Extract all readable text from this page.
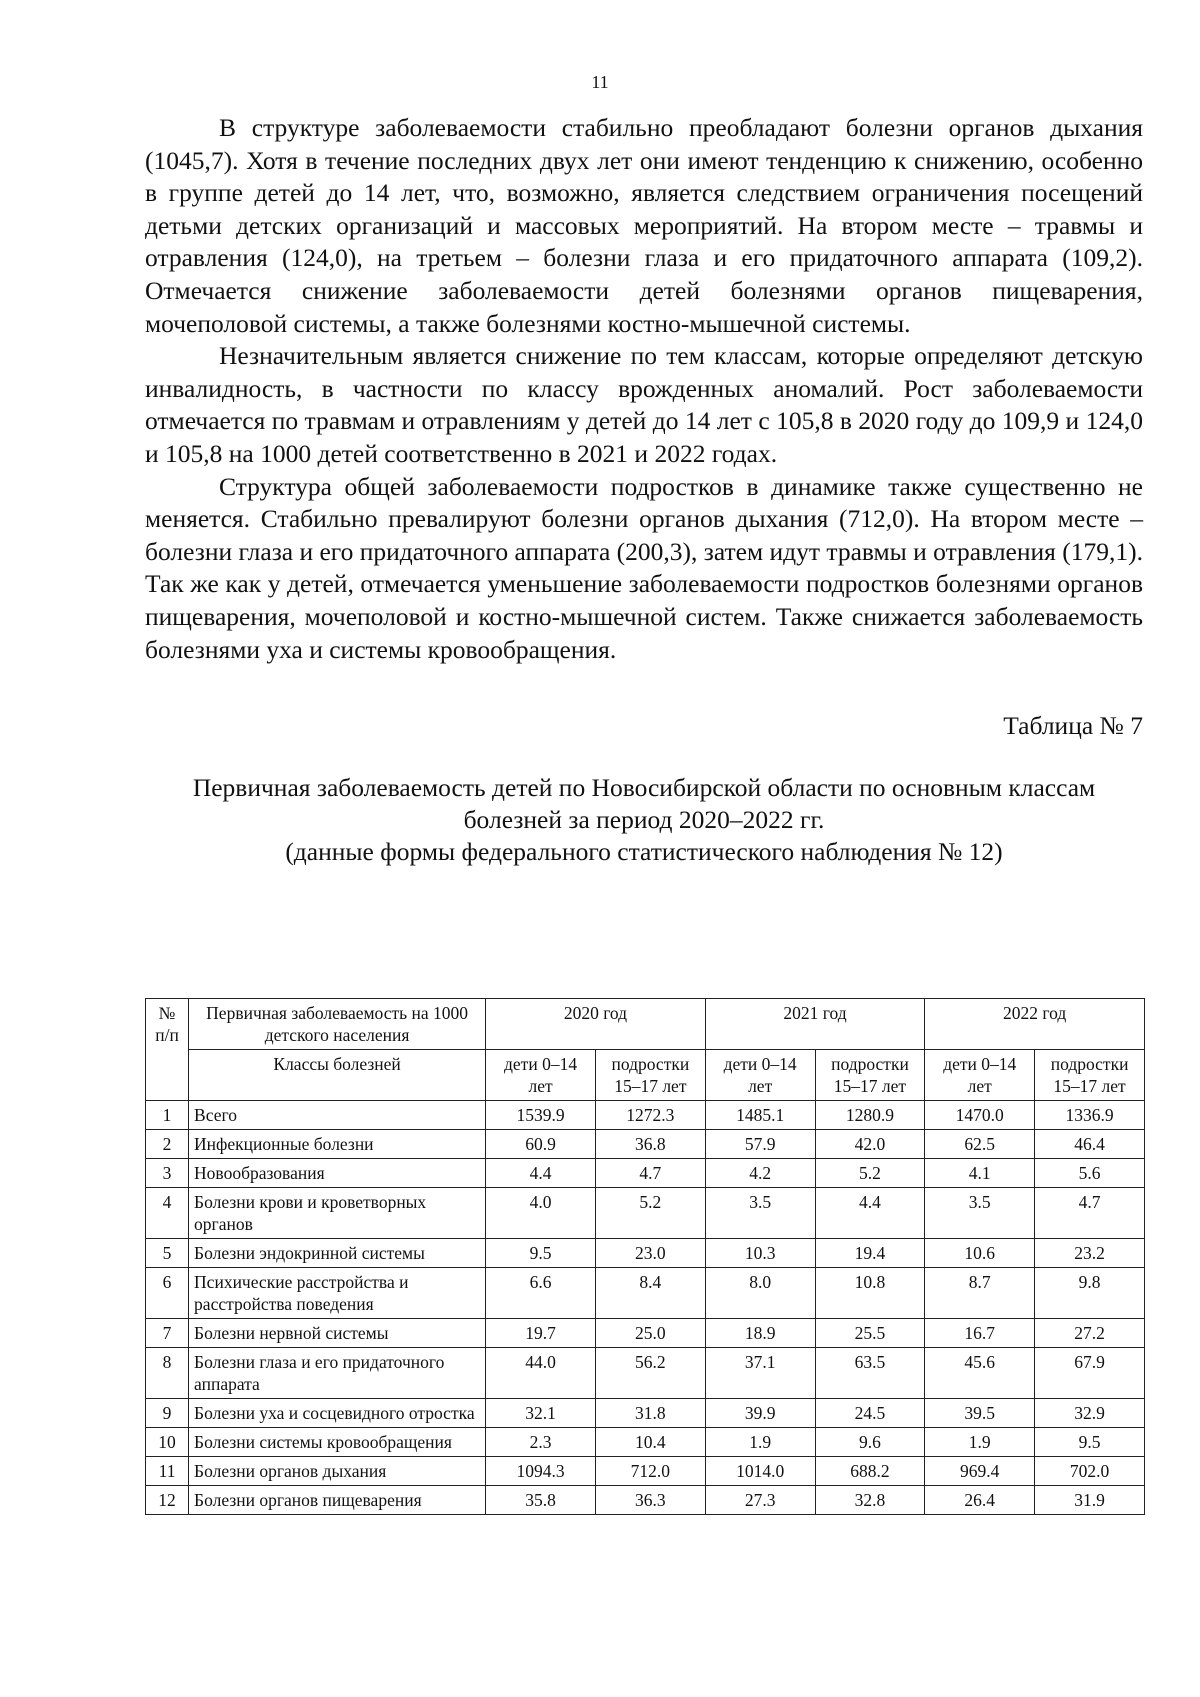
11

В структуре заболеваемости стабильно преобладают болезни органов дыхания (1045,7). Хотя в течение последних двух лет они имеют тенденцию к снижению, особенно в группе детей до 14 лет, что, возможно, является следствием ограничения посещений детьми детских организаций и массовых мероприятий. На втором месте – травмы и отравления (124,0), на третьем – болезни глаза и его придаточного аппарата (109,2). Отмечается снижение заболеваемости детей болезнями органов пищеварения, мочеполовой системы, а также болезнями костно-мышечной системы.

Незначительным является снижение по тем классам, которые определяют детскую инвалидность, в частности по классу врожденных аномалий. Рост заболеваемости отмечается по травмам и отравлениям у детей до 14 лет с 105,8 в 2020 году до 109,9 и 124,0 и 105,8 на 1000 детей соответственно в 2021 и 2022 годах.

Структура общей заболеваемости подростков в динамике также существенно не меняется. Стабильно превалируют болезни органов дыхания (712,0). На втором месте – болезни глаза и его придаточного аппарата (200,3), затем идут травмы и отравления (179,1). Так же как у детей, отмечается уменьшение заболеваемости подростков болезнями органов пищеварения, мочеполовой и костно-мышечной систем. Также снижается заболеваемость болезнями уха и системы кровообращения.

Таблица № 7

Первичная заболеваемость детей по Новосибирской области по основным классам болезней за период 2020–2022 гг.
(данные формы федерального статистического наблюдения № 12)

№ п/п	Первичная заболеваемость на 1000 детского населения	2020 год		2021 год		2022 год	
	Классы болезней	дети 0–14 лет	подростки 15–17 лет	дети 0–14 лет	подростки 15–17 лет	дети 0–14 лет	подростки 15–17 лет
1	Всего	1539.9	1272.3	1485.1	1280.9	1470.0	1336.9
2	Инфекционные болезни	60.9	36.8	57.9	42.0	62.5	46.4
3	Новообразования	4.4	4.7	4.2	5.2	4.1	5.6
4	Болезни крови и кроветворных органов	4.0	5.2	3.5	4.4	3.5	4.7
5	Болезни эндокринной системы	9.5	23.0	10.3	19.4	10.6	23.2
6	Психические расстройства и расстройства поведения	6.6	8.4	8.0	10.8	8.7	9.8
7	Болезни нервной системы	19.7	25.0	18.9	25.5	16.7	27.2
8	Болезни глаза и его придаточного аппарата	44.0	56.2	37.1	63.5	45.6	67.9
9	Болезни уха и сосцевидного отростка	32.1	31.8	39.9	24.5	39.5	32.9
10	Болезни системы кровообращения	2.3	10.4	1.9	9.6	1.9	9.5
11	Болезни органов дыхания	1094.3	712.0	1014.0	688.2	969.4	702.0
12	Болезни органов пищеварения	35.8	36.3	27.3	32.8	26.4	31.9
